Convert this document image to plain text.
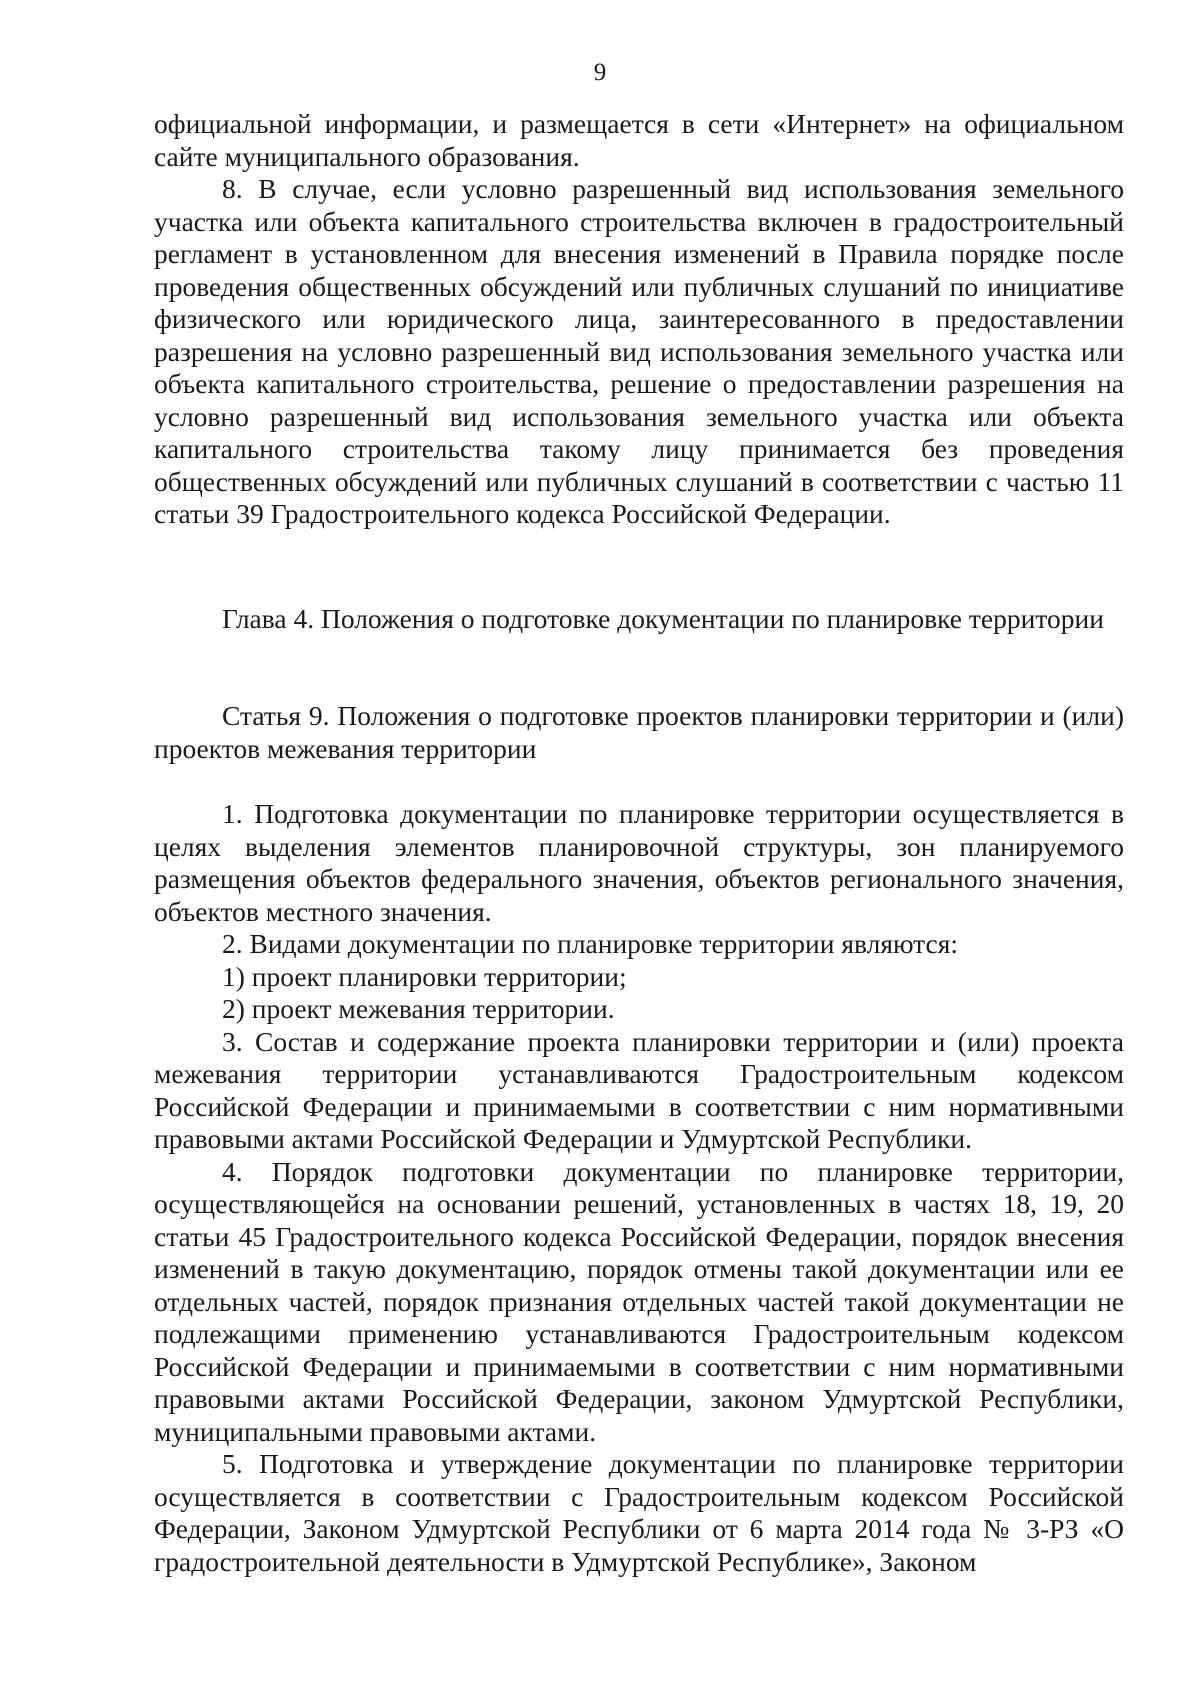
9

официальной информации, и размещается в сети «Интернет» на официальном сайте муниципального образования.

8. В случае, если условно разрешенный вид использования земельного участка или объекта капитального строительства включен в градостроительный регламент в установленном для внесения изменений в Правила порядке после проведения общественных обсуждений или публичных слушаний по инициативе физического или юридического лица, заинтересованного в предоставлении разрешения на условно разрешенный вид использования земельного участка или объекта капитального строительства, решение о предоставлении разрешения на условно разрешенный вид использования земельного участка или объекта капитального строительства такому лицу принимается без проведения общественных обсуждений или публичных слушаний в соответствии с частью 11 статьи 39 Градостроительного кодекса Российской Федерации.

Глава 4. Положения о подготовке документации по планировке территории

Статья 9. Положения о подготовке проектов планировки территории и (или) проектов межевания территории

1. Подготовка документации по планировке территории осуществляется в целях выделения элементов планировочной структуры, зон планируемого размещения объектов федерального значения, объектов регионального значения, объектов местного значения.

2. Видами документации по планировке территории являются:

1) проект планировки территории;

2) проект межевания территории.

3. Состав и содержание проекта планировки территории и (или) проекта межевания территории устанавливаются Градостроительным кодексом Российской Федерации и принимаемыми в соответствии с ним нормативными правовыми актами Российской Федерации и Удмуртской Республики.

4. Порядок подготовки документации по планировке территории, осуществляющейся на основании решений, установленных в частях 18, 19, 20 статьи 45 Градостроительного кодекса Российской Федерации, порядок внесения изменений в такую документацию, порядок отмены такой документации или ее отдельных частей, порядок признания отдельных частей такой документации не подлежащими применению устанавливаются Градостроительным кодексом Российской Федерации и принимаемыми в соответствии с ним нормативными правовыми актами Российской Федерации, законом Удмуртской Республики, муниципальными правовыми актами.

5. Подготовка и утверждение документации по планировке территории осуществляется в соответствии с Градостроительным кодексом Российской Федерации, Законом Удмуртской Республики от 6 марта 2014 года № 3-РЗ «О градостроительной деятельности в Удмуртской Республике», Законом
